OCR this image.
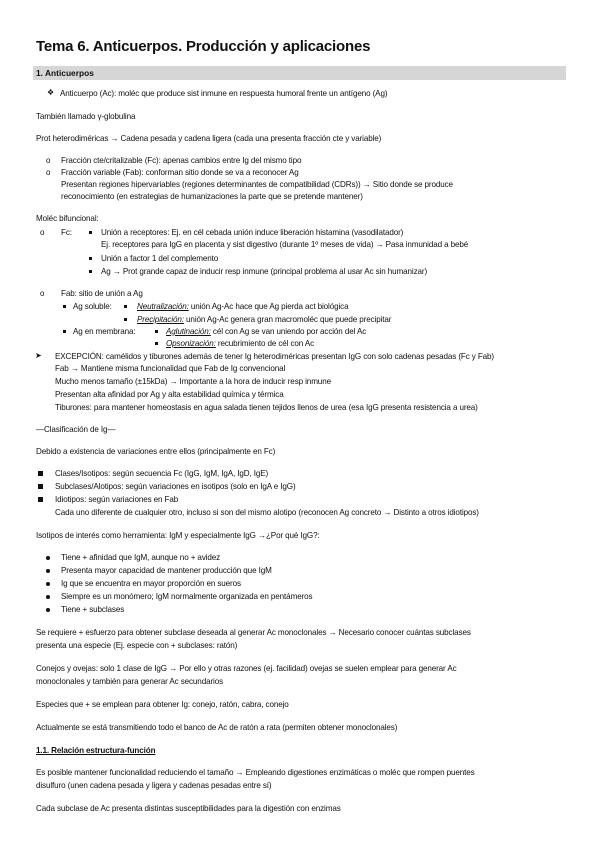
Tema 6. Anticuerpos. Producción y aplicaciones
1. Anticuerpos
❖ Anticuerpo (Ac): moléc que produce sist inmune en respuesta humoral frente un antígeno (Ag)
También llamado γ-globulina
Prot heterodiméricas → Cadena pesada y cadena ligera (cada una presenta fracción cte y variable)
o Fracción cte/critalizable (Fc): apenas cambios entre Ig del mismo tipo
o Fracción variable (Fab): conforman sitio donde se va a reconocer Ag
Presentan regiones hipervariables (regiones determinantes de compatibilidad (CDRs)) → Sitio donde se produce
reconocimiento (en estrategias de humanizaciones la parte que se pretende mantener)
Moléc bifuncional:
o Fc:	Unión a receptores: Ej. en cél cebada unión induce liberación histamina (vasodilatador)
Ej. receptores para IgG en placenta y sist digestivo (durante 1º meses de vida) → Pasa inmunidad a bebé
Unión a factor 1 del complemento
Ag → Prot grande capaz de inducir resp inmune (principal problema al usar Ac sin humanizar)
o Fab: sitio de unión a Ag
Ag soluble:	Neutralización: unión Ag-Ac hace que Ag pierda act biológica
Precipitación: unión Ag-Ac genera gran macromoléc que puede precipitar
Ag en membrana:	Aglutinación: cél con Ag se van uniendo por acción del Ac
Opsonización: recubrimiento de cél con Ac
➤ EXCEPCIÓN: camélidos y tiburones además de tener Ig heterodiméricas presentan IgG con solo cadenas pesadas (Fc y Fab)
Fab → Mantiene misma funcionalidad que Fab de Ig convencional
Mucho menos tamaño (±15kDa) → Importante a la hora de inducir resp inmune
Presentan alta afinidad por Ag y alta estabilidad química y térmica
Tiburones: para mantener homeostasis en agua salada tienen tejidos llenos de urea (esa IgG presenta resistencia a urea)
—Clasificación de Ig—
Debido a existencia de variaciones entre ellos (principalmente en Fc)
Clases/Isotipos: según secuencia Fc (IgG, IgM, IgA, IgD, IgE)
Subclases/Alotipos: según variaciones en isotipos (solo en IgA e IgG)
Idiotipos: según variaciones en Fab
Cada uno diferente de cualquier otro, incluso si son del mismo alotipo (reconocen Ag concreto → Distinto a otros idiotipos)
Isotipos de interés como herramienta: IgM y especialmente IgG →¿Por qué IgG?:
Tiene + afinidad que IgM, aunque no + avidez
Presenta mayor capacidad de mantener producción que IgM
Ig que se encuentra en mayor proporción en sueros
Siempre es un monómero; IgM normalmente organizada en pentámeros
Tiene + subclases
Se requiere + esfuerzo para obtener subclase deseada al generar Ac monoclonales → Necesario conocer cuántas subclases
presenta una especie (Ej. especie con + subclases: ratón)
Conejos y ovejas: solo 1 clase de IgG → Por ello y otras razones (ej. facilidad) ovejas se suelen emplear para generar Ac
monoclonales y también para generar Ac secundarios
Especies que + se emplean para obtener Ig: conejo, ratón, cabra, conejo
Actualmente se está transmitiendo todo el banco de Ac de ratón a rata (permiten obtener monoclonales)
1.1. Relación estructura-función
Es posible mantener funcionalidad reduciendo el tamaño → Empleando digestiones enzimáticas o moléc que rompen puentes
disulfuro (unen cadena pesada y ligera y cadenas pesadas entre sí)
Cada subclase de Ac presenta distintas susceptibilidades para la digestión con enzimas
